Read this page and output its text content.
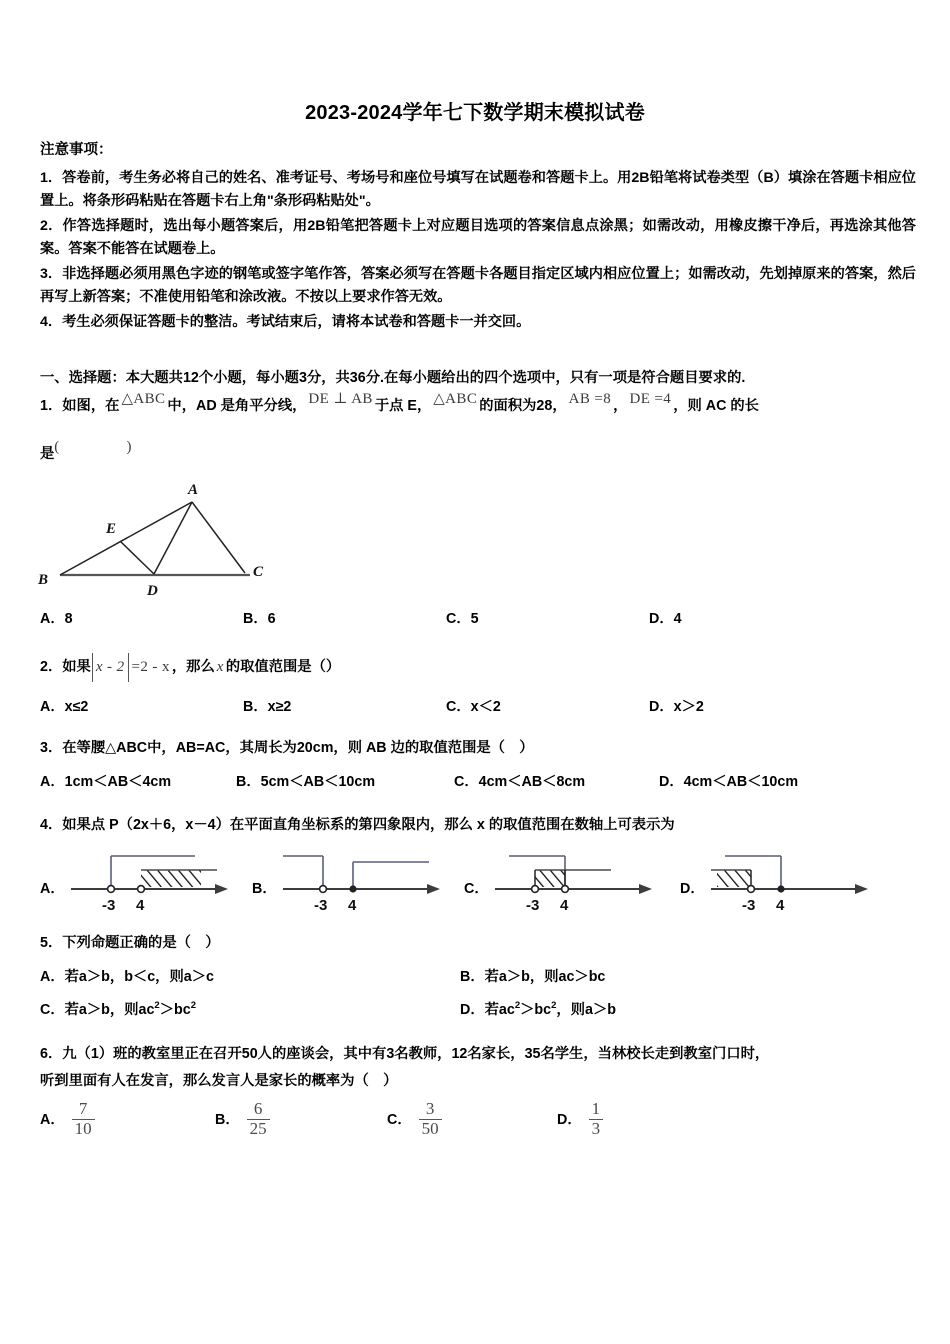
2023-2024学年七下数学期末模拟试卷
注意事项：
1．答卷前，考生务必将自己的姓名、准考证号、考场号和座位号填写在试题卷和答题卡上。用2B铅笔将试卷类型（B）填涂在答题卡相应位置上。将条形码粘贴在答题卡右上角"条形码粘贴处"。
2．作答选择题时，选出每小题答案后，用2B铅笔把答题卡上对应题目选项的答案信息点涂黑；如需改动，用橡皮擦干净后，再选涂其他答案。答案不能答在试题卷上。
3．非选择题必须用黑色字迹的钢笔或签字笔作答，答案必须写在答题卡各题目指定区域内相应位置上；如需改动，先划掉原来的答案，然后再写上新答案；不准使用铅笔和涂改液。不按以上要求作答无效。
4．考生必须保证答题卡的整洁。考试结束后，请将本试卷和答题卡一并交回。
一、选择题：本大题共12个小题，每小题3分，共36分.在每小题给出的四个选项中，只有一项是符合题目要求的.
1．如图，在 △ABC 中，AD 是角平分线， DE ⊥ AB 于点 E， △ABC 的面积为28， AB =8 ， DE =4 ，则 AC 的长
是(   )
A
B	C
D
E
A．8	B．6	C．5	D．4
2．如果 x - 2 =2 - x ，那么 x 的取值范围是（）
A．x≤2	B．x≥2	C．x＜2	D．x＞2
3．在等腰△ABC中，AB=AC，其周长为20cm，则 AB 边的取值范围是（　）
A．1cm＜AB＜4cm	B．5cm＜AB＜10cm	C．4cm＜AB＜8cm	D．4cm＜AB＜10cm
4．如果点 P（2x＋6，x－4）在平面直角坐标系的第四象限内，那么 x 的取值范围在数轴上可表示为
A．
-3 4
B．
-3 4
C．
-3 4
D．
-3 4
5．下列命题正确的是（　）
A．若a＞b，b＜c，则a＞c	B．若a＞b，则ac＞bc
C．若a＞b，则$ac^2>bc^2$	D．若$ac^2>bc^2$，则a＞b
6．九（1）班的教室里正在召开50人的座谈会，其中有3名教师，12名家长，35名学生，当林校长走到教室门口时，
听到里面有人在发言，那么发言人是家长的概率为（　）
A． $\frac{7}{10}$	B． $\frac{6}{25}$	C． $\frac{3}{50}$	D． $\frac{1}{3}$
